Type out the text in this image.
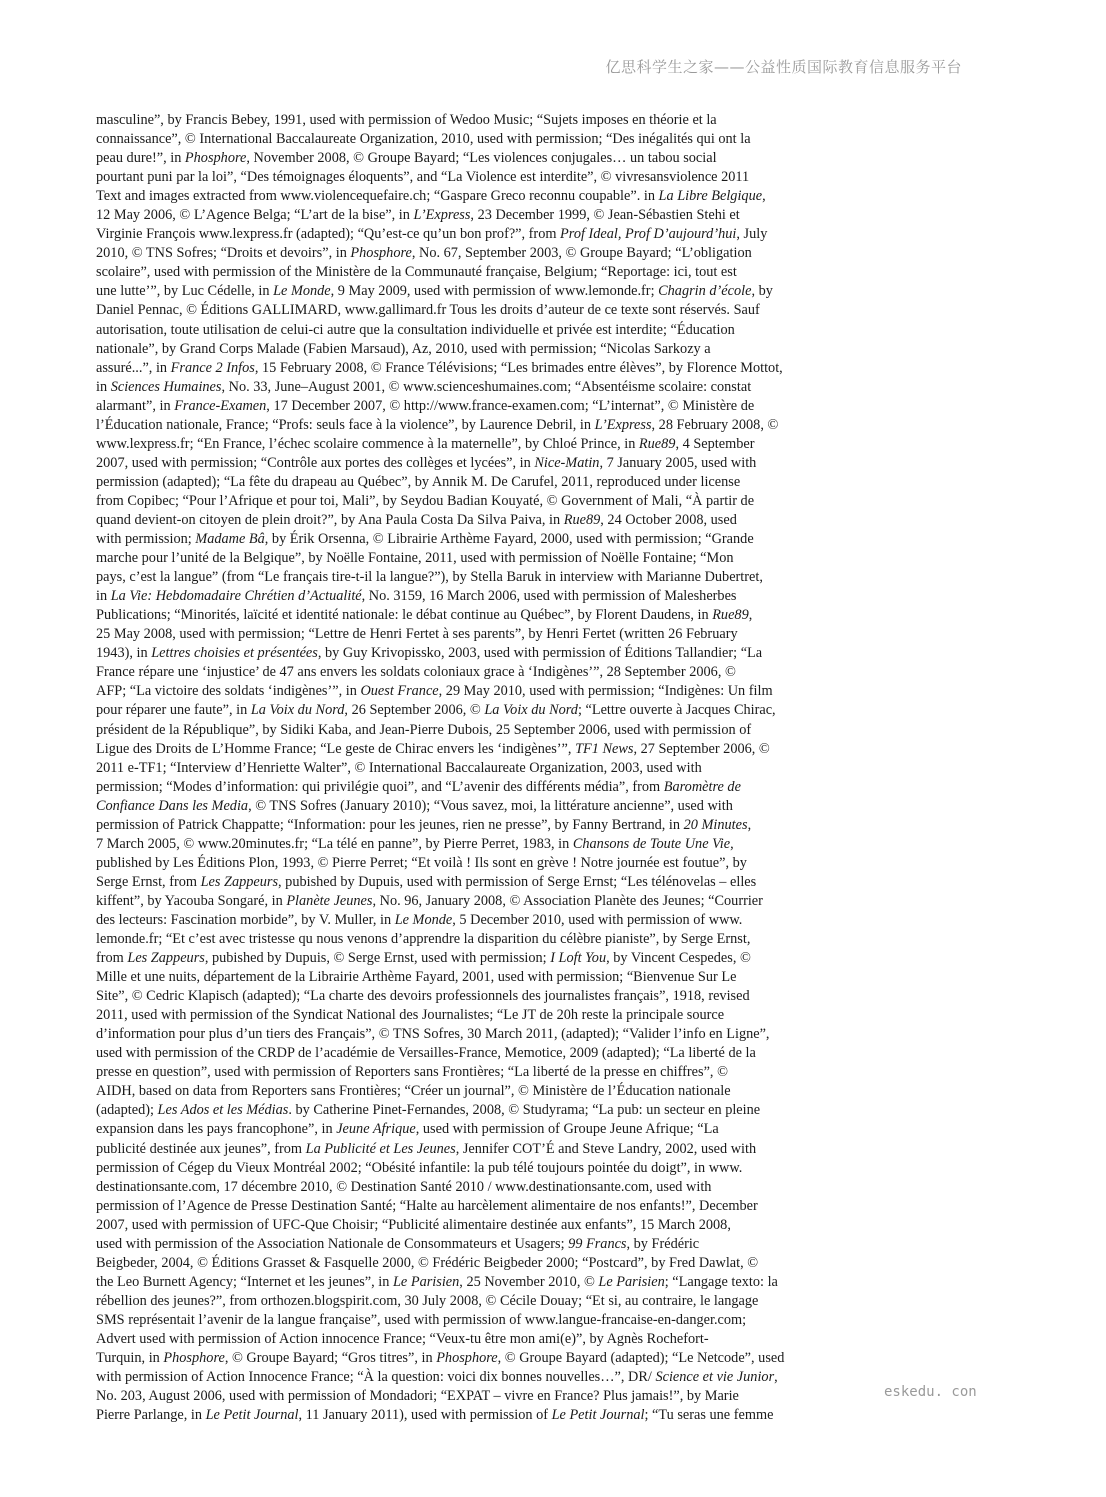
亿思科学生之家——公益性质国际教育信息服务平台
masculine”, by Francis Bebey, 1991, used with permission of Wedoo Music; “Sujets imposes en théorie et la
connaissance”, © International Baccalaureate Organization, 2010, used with permission; “Des inégalités qui ont la
peau dure!”, in Phosphore, November 2008, © Groupe Bayard; “Les violences conjugales… un tabou social
pourtant puni par la loi”, “Des témoignages éloquents”, and “La Violence est interdite”, © vivresansviolence 2011
Text and images extracted from www.violencequefaire.ch; “Gaspare Greco reconnu coupable”. in La Libre Belgique,
12 May 2006, © L’Agence Belga; “L’art de la bise”, in L’Express, 23 December 1999, © Jean-Sébastien Stehi et
Virginie François www.lexpress.fr (adapted); “Qu’est-ce qu’un bon prof?”, from Prof Ideal, Prof D’aujourd’hui, July
2010, © TNS Sofres; “Droits et devoirs”, in Phosphore, No. 67, September 2003, © Groupe Bayard; “L’obligation
scolaire”, used with permission of the Ministère de la Communauté française, Belgium; “Reportage: ici, tout est
une lutte’”, by Luc Cédelle, in Le Monde, 9 May 2009, used with permission of www.lemonde.fr; Chagrin d’école, by
Daniel Pennac, © Éditions GALLIMARD, www.gallimard.fr Tous les droits d’auteur de ce texte sont réservés. Sauf
autorisation, toute utilisation de celui-ci autre que la consultation individuelle et privée est interdite; “Éducation
nationale”, by Grand Corps Malade (Fabien Marsaud), Az, 2010, used with permission; “Nicolas Sarkozy a
assuré...”, in France 2 Infos, 15 February 2008, © France Télévisions; “Les brimades entre élèves”, by Florence Mottot,
in Sciences Humaines, No. 33, June–August 2001, © www.scienceshumaines.com; “Absentéisme scolaire: constat
alarmant”, in France-Examen, 17 December 2007, © http://www.france-examen.com; “L’internat”, © Ministère de
l’Éducation nationale, France; “Profs: seuls face à la violence”, by Laurence Debril, in L’Express, 28 February 2008, ©
www.lexpress.fr; “En France, l’échec scolaire commence à la maternelle”, by Chloé Prince, in Rue89, 4 September
2007, used with permission; “Contrôle aux portes des collèges et lycées”, in Nice-Matin, 7 January 2005, used with
permission (adapted); “La fête du drapeau au Québec”, by Annik M. De Carufel, 2011, reproduced under license
from Copibec; “Pour l’Afrique et pour toi, Mali”, by Seydou Badian Kouyaté, © Government of Mali, “À partir de
quand devient-on citoyen de plein droit?”, by Ana Paula Costa Da Silva Paiva, in Rue89, 24 October 2008, used
with permission; Madame Bâ, by Érik Orsenna, © Librairie Arthème Fayard, 2000, used with permission; “Grande
marche pour l’unité de la Belgique”, by Noëlle Fontaine, 2011, used with permission of Noëlle Fontaine; “Mon
pays, c’est la langue” (from “Le français tire-t-il la langue?”), by Stella Baruk in interview with Marianne Dubertret,
in La Vie: Hebdomadaire Chrétien d’Actualité, No. 3159, 16 March 2006, used with permission of Malesherbes
Publications; “Minorités, laïcité et identité nationale: le débat continue au Québec”, by Florent Daudens, in Rue89,
25 May 2008, used with permission; “Lettre de Henri Fertet à ses parents”, by Henri Fertet (written 26 February
1943), in Lettres choisies et présentées, by Guy Krivopissko, 2003, used with permission of Éditions Tallandier; “La
France répare une ‘injustice’ de 47 ans envers les soldats coloniaux grace à ‘Indigènes’”, 28 September 2006, ©
AFP; “La victoire des soldats ‘indigènes’”, in Ouest France, 29 May 2010, used with permission; “Indigènes: Un film
pour réparer une faute”, in La Voix du Nord, 26 September 2006, © La Voix du Nord; “Lettre ouverte à Jacques Chirac,
président de la République”, by Sidiki Kaba, and Jean-Pierre Dubois, 25 September 2006, used with permission of
Ligue des Droits de L’Homme France; “Le geste de Chirac envers les ‘indigènes’”, TF1 News, 27 September 2006, ©
2011 e-TF1; “Interview d’Henriette Walter”, © International Baccalaureate Organization, 2003, used with
permission; “Modes d’information: qui privilégie quoi”, and “L’avenir des différents média”, from Baromètre de
Confiance Dans les Media, © TNS Sofres (January 2010); “Vous savez, moi, la littérature ancienne”, used with
permission of Patrick Chappatte; “Information: pour les jeunes, rien ne presse”, by Fanny Bertrand, in 20 Minutes,
7 March 2005, © www.20minutes.fr; “La télé en panne”, by Pierre Perret, 1983, in Chansons de Toute Une Vie,
published by Les Éditions Plon, 1993, © Pierre Perret; “Et voilà ! Ils sont en grève ! Notre journée est foutue”, by
Serge Ernst, from Les Zappeurs, pubished by Dupuis, used with permission of Serge Ernst; “Les télénovelas – elles
kiffent”, by Yacouba Songaré, in Planète Jeunes, No. 96, January 2008, © Association Planète des Jeunes; “Courrier
des lecteurs: Fascination morbide”, by V. Muller, in Le Monde, 5 December 2010, used with permission of www.
lemonde.fr; “Et c’est avec tristesse qu nous venons d’apprendre la disparition du célèbre pianiste”, by Serge Ernst,
from Les Zappeurs, pubished by Dupuis, © Serge Ernst, used with permission; I Loft You, by Vincent Cespedes, ©
Mille et une nuits, département de la Librairie Arthème Fayard, 2001, used with permission; “Bienvenue Sur Le
Site”, © Cedric Klapisch (adapted); “La charte des devoirs professionnels des journalistes français”, 1918, revised
2011, used with permission of the Syndicat National des Journalistes; “Le JT de 20h reste la principale source
d’information pour plus d’un tiers des Français”, © TNS Sofres, 30 March 2011, (adapted); “Valider l’info en Ligne”,
used with permission of the CRDP de l’académie de Versailles-France, Memotice, 2009 (adapted); “La liberté de la
presse en question”, used with permission of Reporters sans Frontières; “La liberté de la presse en chiffres”, ©
AIDH, based on data from Reporters sans Frontières; “Créer un journal”, © Ministère de l’Éducation nationale
(adapted); Les Ados et les Médias. by Catherine Pinet-Fernandes, 2008, © Studyrama; “La pub: un secteur en pleine
expansion dans les pays francophone”, in Jeune Afrique, used with permission of Groupe Jeune Afrique; “La
publicité destinée aux jeunes”, from La Publicité et Les Jeunes, Jennifer COT’É and Steve Landry, 2002, used with
permission of Cégep du Vieux Montréal 2002; “Obésité infantile: la pub télé toujours pointée du doigt”, in www.
destinationsante.com, 17 décembre 2010, © Destination Santé 2010 / www.destinationsante.com, used with
permission of l’Agence de Presse Destination Santé; “Halte au harcèlement alimentaire de nos enfants!”, December
2007, used with permission of UFC-Que Choisir; “Publicité alimentaire destinée aux enfants”, 15 March 2008,
used with permission of the Association Nationale de Consommateurs et Usagers; 99 Francs, by Frédéric
Beigbeder, 2004, © Éditions Grasset & Fasquelle 2000, © Frédéric Beigbeder 2000; “Postcard”, by Fred Dawlat, ©
the Leo Burnett Agency; “Internet et les jeunes”, in Le Parisien, 25 November 2010, © Le Parisien; “Langage texto: la
rébellion des jeunes?”, from orthozen.blogspirit.com, 30 July 2008, © Cécile Douay; “Et si, au contraire, le langage
SMS représentait l’avenir de la langue française”, used with permission of www.langue-francaise-en-danger.com;
Advert used with permission of Action innocence France; “Veux-tu être mon ami(e)”, by Agnès Rochefort-
Turquin, in Phosphore, © Groupe Bayard; “Gros titres”, in Phosphore, © Groupe Bayard (adapted); “Le Netcode”, used
with permission of Action Innocence France; “À la question: voici dix bonnes nouvelles…”, DR/ Science et vie Junior,
No. 203, August 2006, used with permission of Mondadori; “EXPAT – vivre en France? Plus jamais!”, by Marie
Pierre Parlange, in Le Petit Journal, 11 January 2011), used with permission of Le Petit Journal; “Tu seras une femme
eskedu. con
